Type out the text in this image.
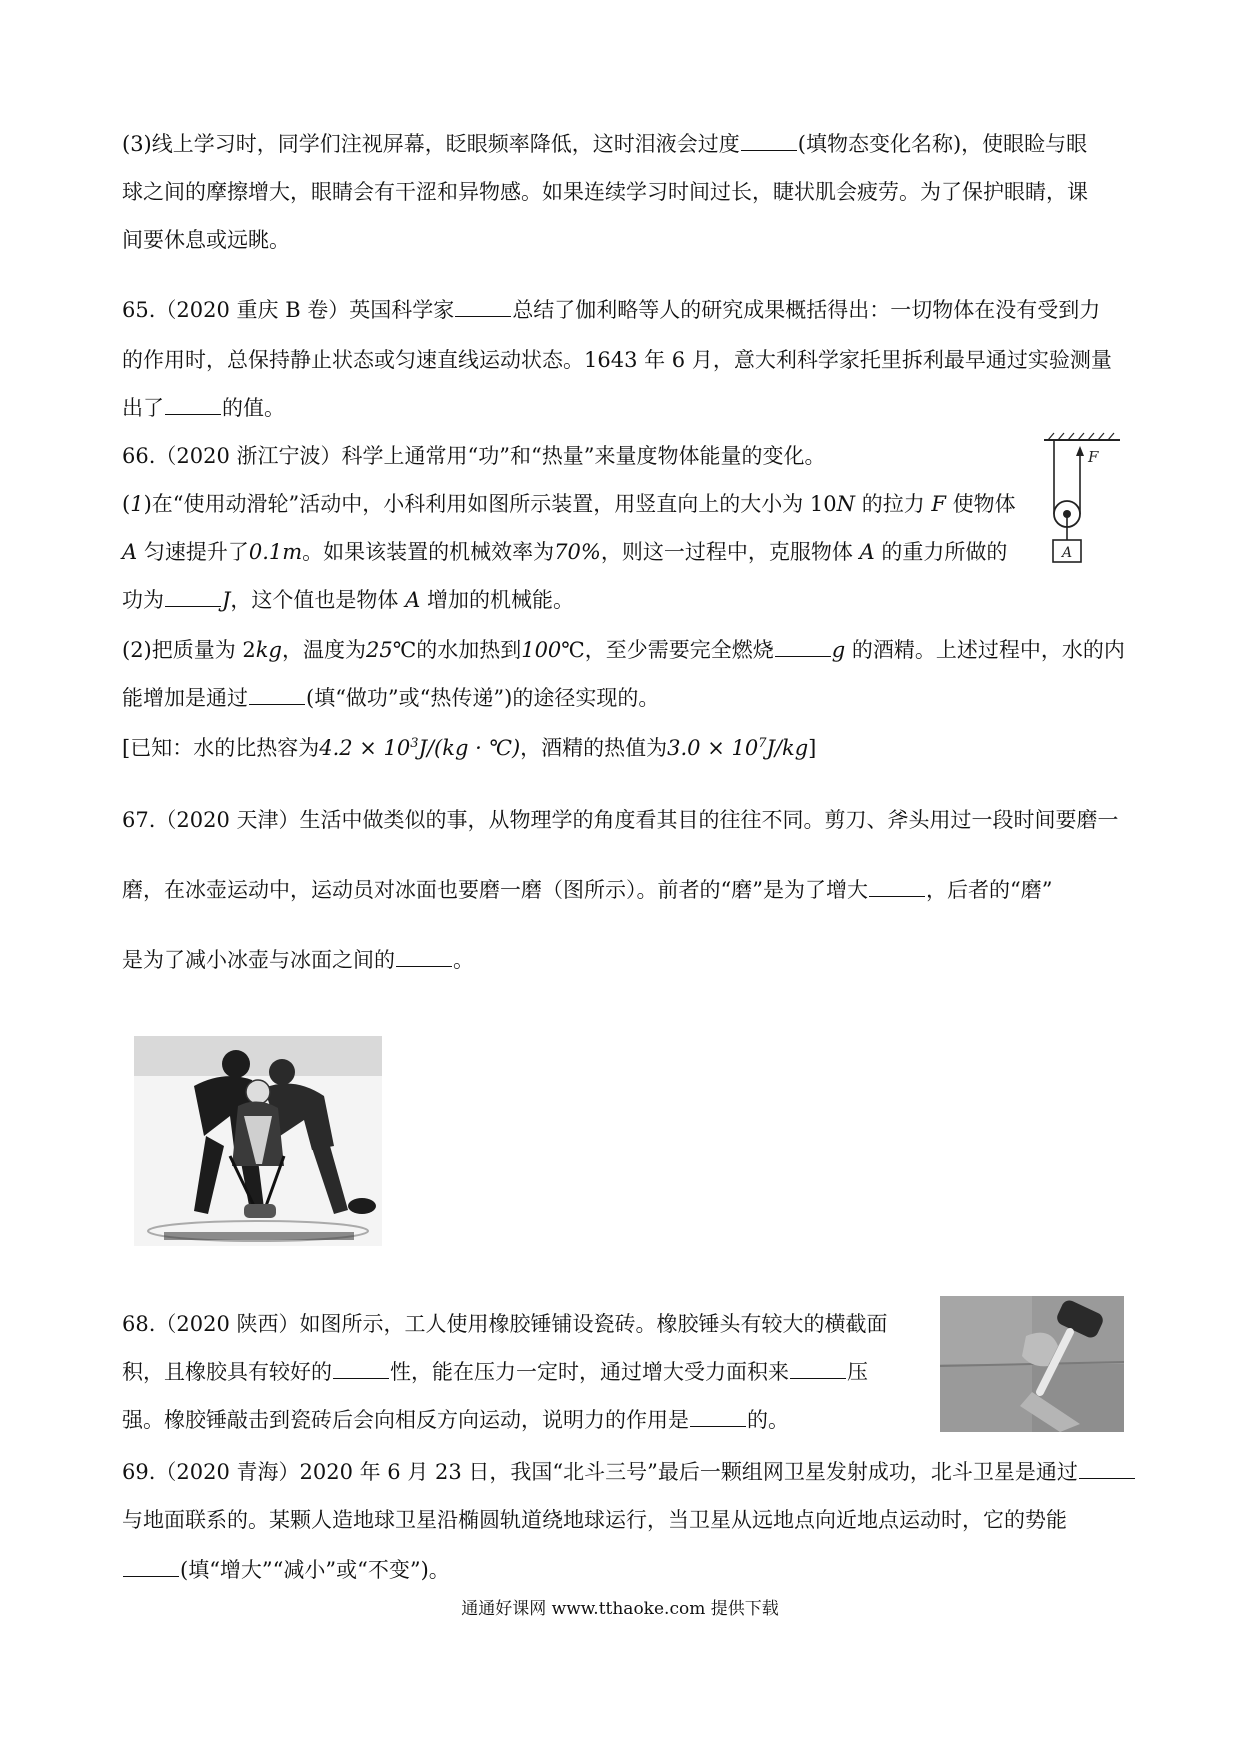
(3)线上学习时，同学们注视屏幕，眨眼频率降低，这时泪液会过度	(填物态变化名称)，使眼睑与眼
球之间的摩擦增大，眼睛会有干涩和异物感。如果连续学习时间过长，睫状肌会疲劳。为了保护眼睛，课
间要休息或远眺。
65.（2020 重庆 B 卷）英国科学家	总结了伽利略等人的研究成果概括得出：一切物体在没有受到力
的作用时，总保持静止状态或匀速直线运动状态。1643 年 6 月，意大利科学家托里拆利最早通过实验测量
出了	的值。
66.（2020 浙江宁波）科学上通常用“功”和“热量”来量度物体能量的变化。
(1)在“使用动滑轮”活动中，小科利用如图所示装置，用竖直向上的大小为 10N 的拉力 F 使物体
A 匀速提升了0.1m。如果该装置的机械效率为70%，则这一过程中，克服物体 A 的重力所做的
功为	J，这个值也是物体 A 增加的机械能。
(2)把质量为 2kg，温度为25℃的水加热到100℃，至少需要完全燃烧	g 的酒精。上述过程中，水的内
能增加是通过	(填“做功”或“热传递”)的途径实现的。
[已知：水的比热容为$4.2 \times 10^3J/(kg$ · ℃)，酒精的热值为$3.0 \times 10^7J/kg$]
F
A
67.（2020 天津）生活中做类似的事，从物理学的角度看其目的往往不同。剪刀、斧头用过一段时间要磨一
磨，在冰壶运动中，运动员对冰面也要磨一磨（图所示）。前者的“磨”是为了增大	，后者的“磨”
是为了减小冰壶与冰面之间的	。
68.（2020 陕西）如图所示，工人使用橡胶锤铺设瓷砖。橡胶锤头有较大的横截面
积，且橡胶具有较好的	性，能在压力一定时，通过增大受力面积来	压
强。橡胶锤敲击到瓷砖后会向相反方向运动，说明力的作用是	的。
69.（2020 青海）2020 年 6 月 23 日，我国“北斗三号”最后一颗组网卫星发射成功，北斗卫星是通过
与地面联系的。某颗人造地球卫星沿椭圆轨道绕地球运行，当卫星从远地点向近地点运动时，它的势能
(填“增大”“减小”或“不变”)。
通通好课网 www.tthaoke.com 提供下载
